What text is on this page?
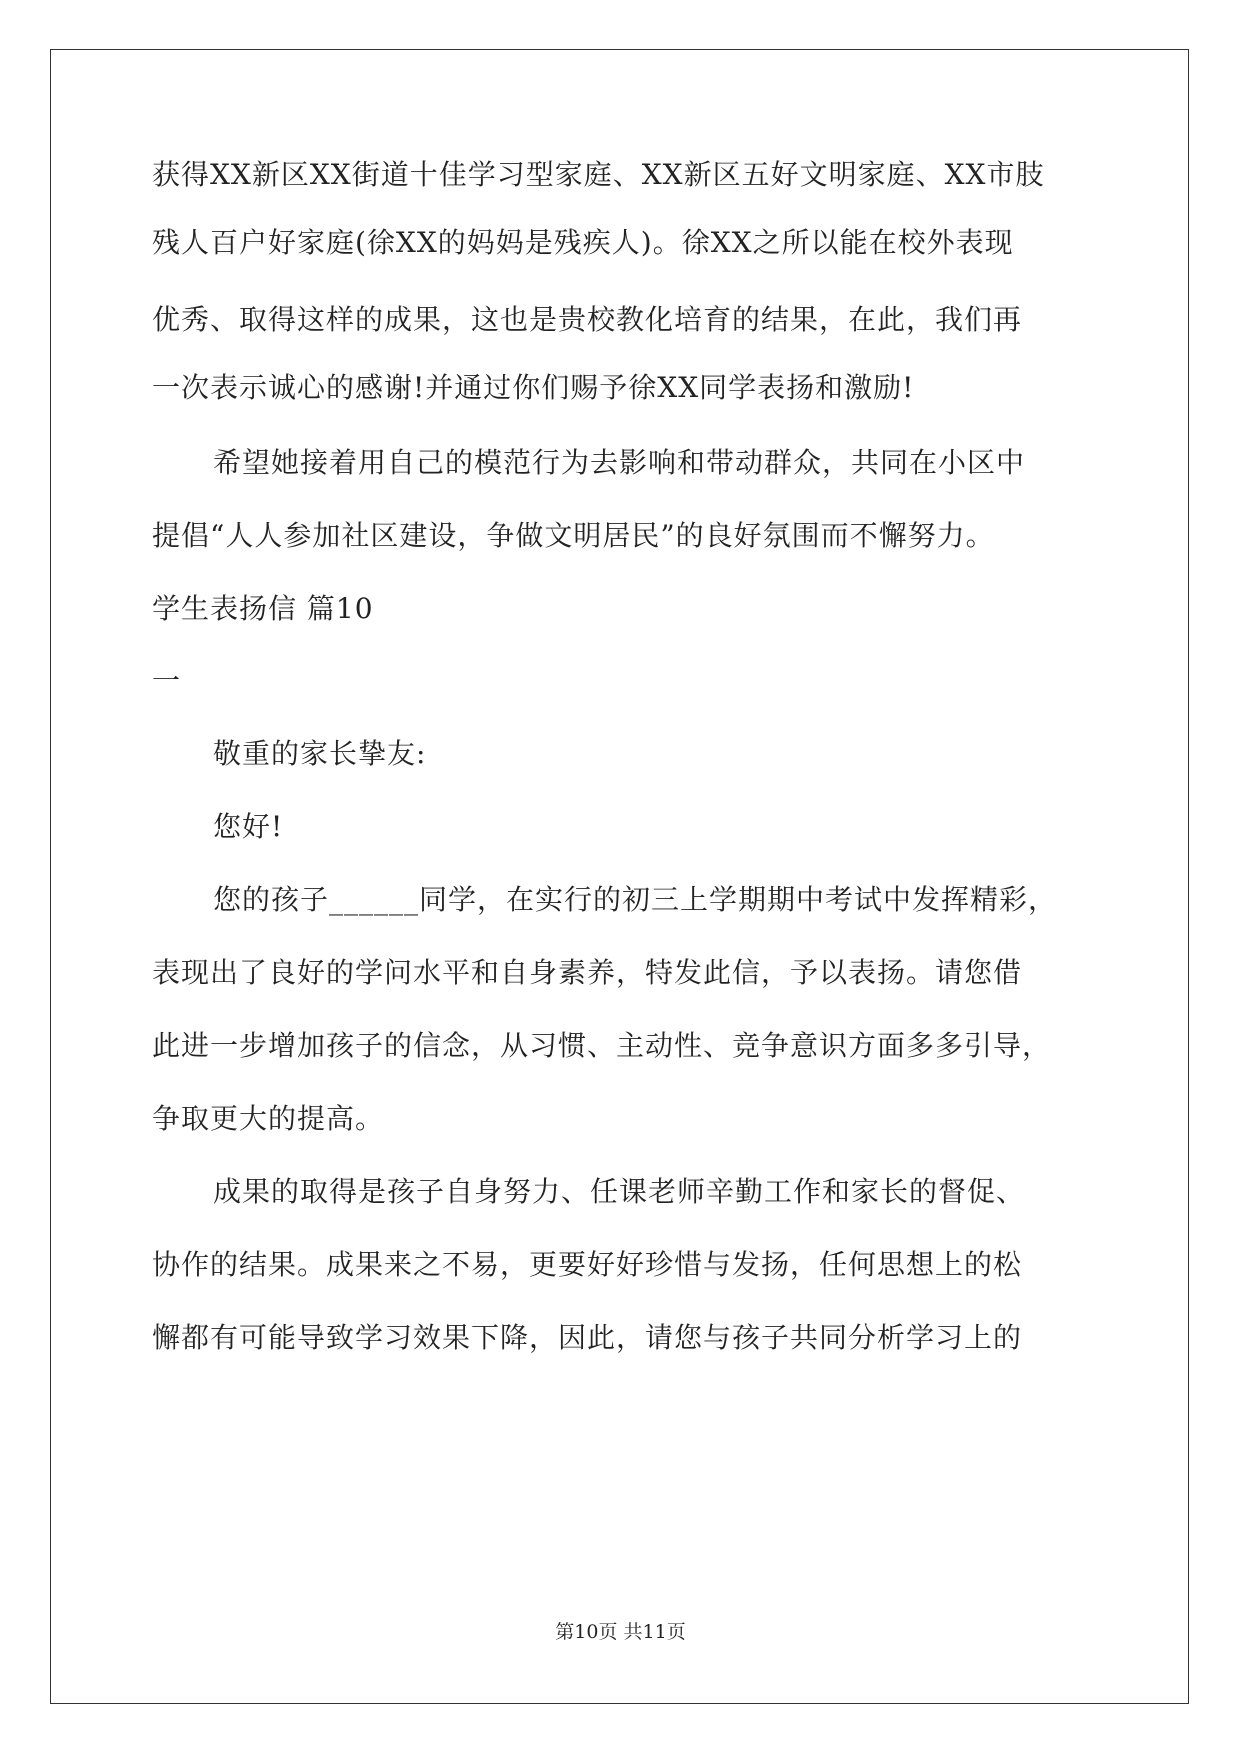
获得XX新区XX街道十佳学习型家庭、XX新区五好文明家庭、XX市肢
残人百户好家庭(徐XX的妈妈是残疾人)。徐XX之所以能在校外表现
优秀、取得这样的成果，这也是贵校教化培育的结果，在此，我们再
一次表示诚心的感谢!并通过你们赐予徐XX同学表扬和激励!
希望她接着用自己的模范行为去影响和带动群众，共同在小区中
提倡“人人参加社区建设，争做文明居民”的良好氛围而不懈努力。
学生表扬信 篇10
一
敬重的家长挚友:
您好!
您的孩子______同学，在实行的初三上学期期中考试中发挥精彩，
表现出了良好的学问水平和自身素养，特发此信，予以表扬。请您借
此进一步增加孩子的信念，从习惯、主动性、竞争意识方面多多引导，
争取更大的提高。
成果的取得是孩子自身努力、任课老师辛勤工作和家长的督促、
协作的结果。成果来之不易，更要好好珍惜与发扬，任何思想上的松
懈都有可能导致学习效果下降，因此，请您与孩子共同分析学习上的
第10页 共11页
